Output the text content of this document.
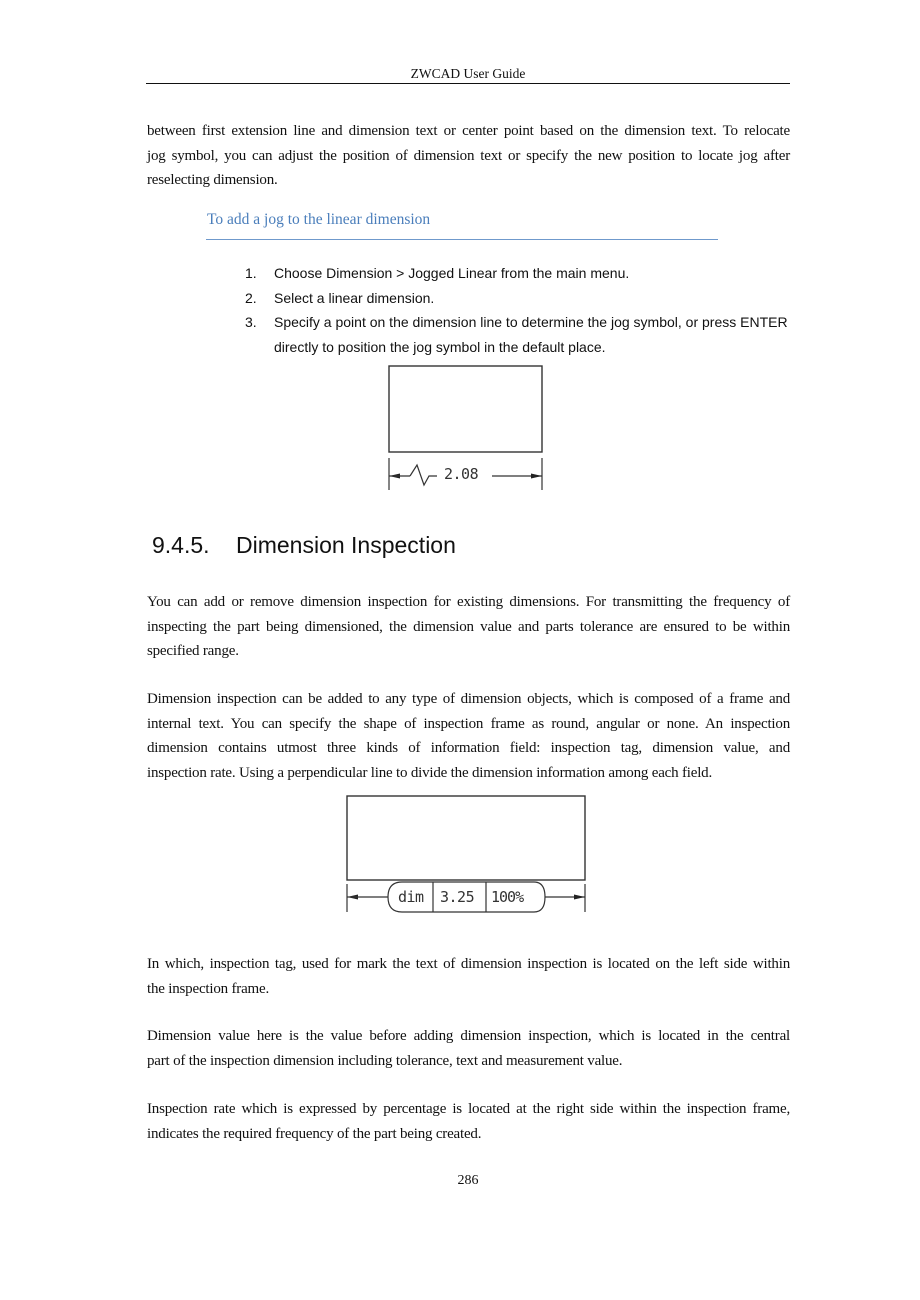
ZWCAD User Guide
between first extension line and dimension text or center point based on the dimension text. To relocate
jog symbol, you can adjust the position of dimension text or specify the new position to locate jog after
reselecting dimension.
To add a jog to the linear dimension
1. Choose Dimension > Jogged Linear from the main menu.
2. Select a linear dimension.
3. Specify a point on the dimension line to determine the jog symbol, or press ENTER
directly to position the jog symbol in the default place.
2.08
9.4.5. Dimension Inspection
You can add or remove dimension inspection for existing dimensions. For transmitting the frequency of
inspecting the part being dimensioned, the dimension value and parts tolerance are ensured to be within
specified range.
Dimension inspection can be added to any type of dimension objects, which is composed of a frame and
internal text. You can specify the shape of inspection frame as round, angular or none. An inspection
dimension contains utmost three kinds of information field: inspection tag, dimension value, and
inspection rate. Using a perpendicular line to divide the dimension information among each field.
dim 3.25 100%
In which, inspection tag, used for mark the text of dimension inspection is located on the left side within
the inspection frame.
Dimension value here is the value before adding dimension inspection, which is located in the central
part of the inspection dimension including tolerance, text and measurement value.
Inspection rate which is expressed by percentage is located at the right side within the inspection frame,
indicates the required frequency of the part being created.
286
